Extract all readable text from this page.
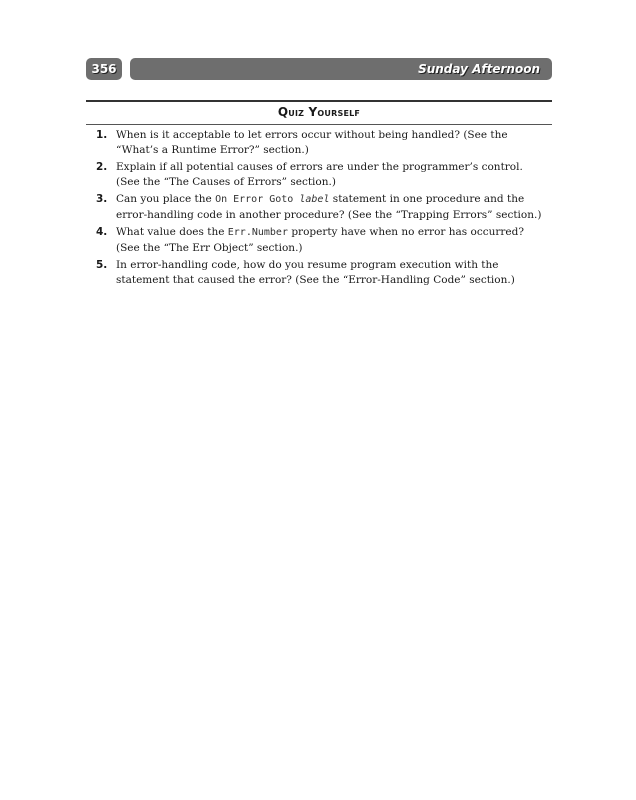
356	Sunday Afternoon
Quiz Yourself
1. When is it acceptable to let errors occur without being handled? (See the “What’s a Runtime Error?” section.)
2. Explain if all potential causes of errors are under the programmer’s control. (See the “The Causes of Errors” section.)
3. Can you place the On Error Goto label statement in one procedure and the error-handling code in another procedure? (See the “Trapping Errors” section.)
4. What value does the Err.Number property have when no error has occurred? (See the “The Err Object” section.)
5. In error-handling code, how do you resume program execution with the statement that caused the error? (See the “Error-Handling Code” section.)
